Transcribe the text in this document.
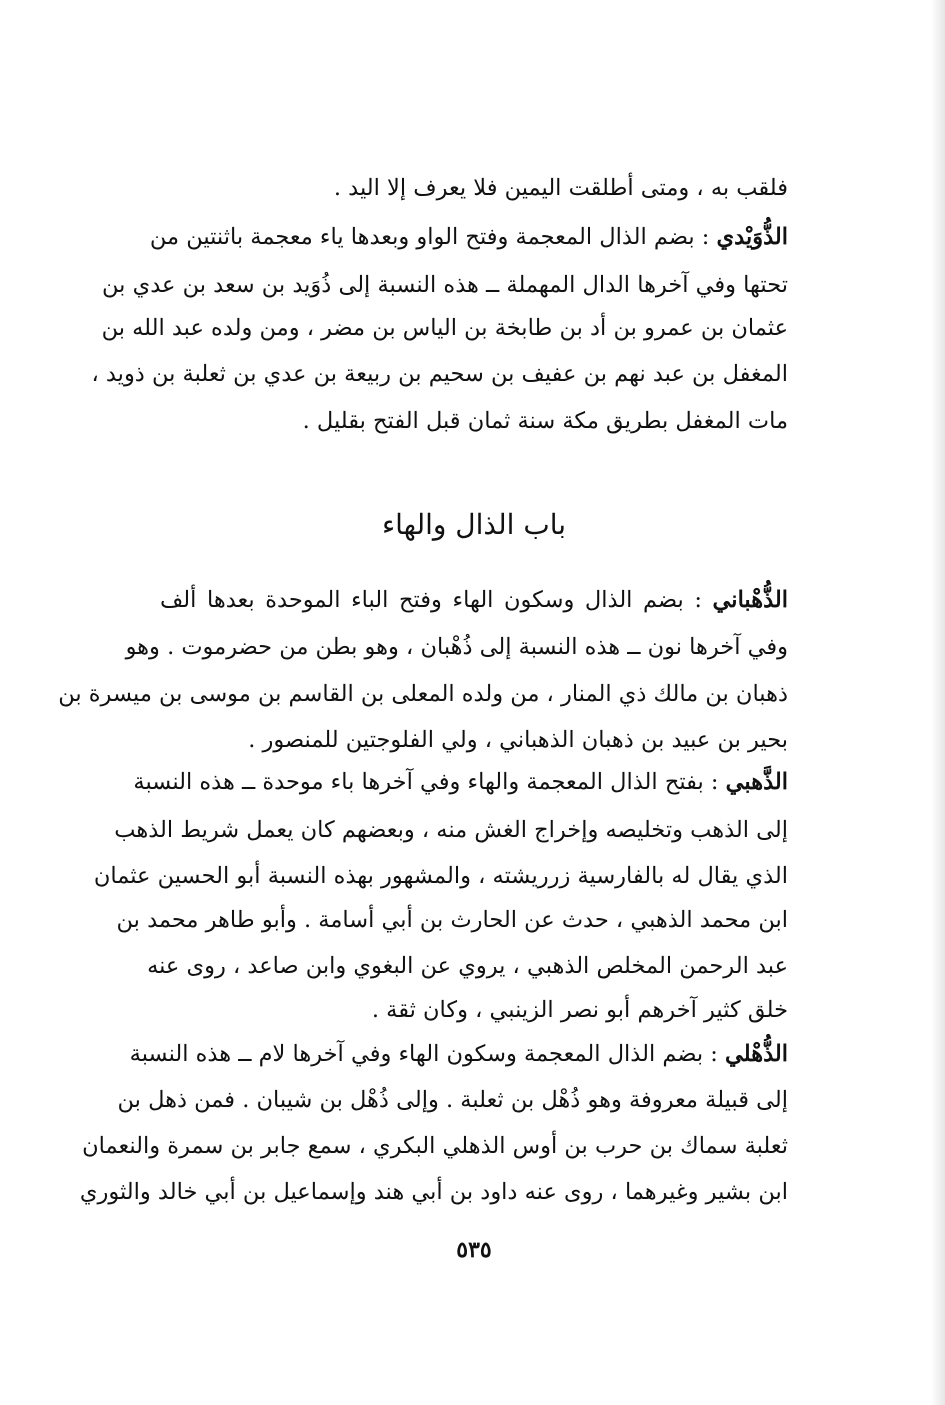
فلقب به ، ومتى أطلقت اليمين فلا يعرف إلا اليد .
الذُّوَيْدي : بضم الذال المعجمة وفتح الواو وبعدها ياء معجمة باثنتين من
تحتها وفي آخرها الدال المهملة ــ هذه النسبة إلى ذُوَيد بن سعد بن عدي بن
عثمان بن عمرو بن أد بن طابخة بن الياس بن مضر ، ومن ولده عبد الله بن
المغفل بن عبد نهم بن عفيف بن سحيم بن ربيعة بن عدي بن ثعلبة بن ذويد ،
مات المغفل بطريق مكة سنة ثمان قبل الفتح بقليل .
باب الذال والهاء
الذُّهْباني : بضم الذال وسكون الهاء وفتح الباء الموحدة بعدها ألف
وفي آخرها نون ــ هذه النسبة إلى ذُهْبان ، وهو بطن من حضرموت . وهو
ذهبان بن مالك ذي المنار ، من ولده المعلى بن القاسم بن موسى بن ميسرة بن
بحير بن عبيد بن ذهبان الذهباني ، ولي الفلوجتين للمنصور .
الذَّهبي : بفتح الذال المعجمة والهاء وفي آخرها باء موحدة ــ هذه النسبة
إلى الذهب وتخليصه وإخراج الغش منه ، وبعضهم كان يعمل شريط الذهب
الذي يقال له بالفارسية زرريشته ، والمشهور بهذه النسبة أبو الحسين عثمان
ابن محمد الذهبي ، حدث عن الحارث بن أبي أسامة . وأبو طاهر محمد بن
عبد الرحمن المخلص الذهبي ، يروي عن البغوي وابن صاعد ، روى عنه
خلق كثير آخرهم أبو نصر الزينبي ، وكان ثقة .
الذُّهْلي : بضم الذال المعجمة وسكون الهاء وفي آخرها لام ــ هذه النسبة
إلى قبيلة معروفة وهو ذُهْل بن ثعلبة . وإلى ذُهْل بن شيبان . فمن ذهل بن
ثعلبة سماك بن حرب بن أوس الذهلي البكري ، سمع جابر بن سمرة والنعمان
ابن بشير وغيرهما ، روى عنه داود بن أبي هند وإسماعيل بن أبي خالد والثوري
٥٣٥
